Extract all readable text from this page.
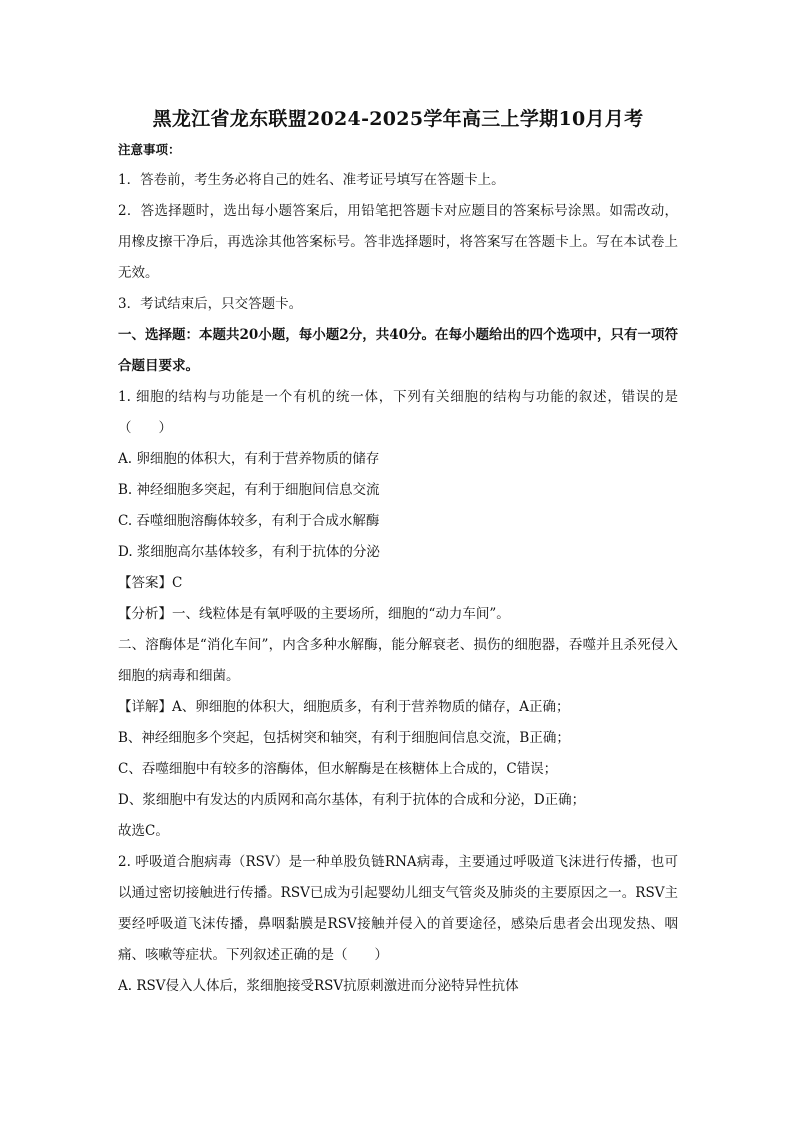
黑龙江省龙东联盟2024-2025学年高三上学期10月月考
注意事项：
1．答卷前，考生务必将自己的姓名、准考证号填写在答题卡上。
2．答选择题时，选出每小题答案后，用铅笔把答题卡对应题目的答案标号涂黑。如需改动，用橡皮擦干净后，再选涂其他答案标号。答非选择题时，将答案写在答题卡上。写在本试卷上无效。
3．考试结束后，只交答题卡。
一、选择题：本题共20小题，每小题2分，共40分。在每小题给出的四个选项中，只有一项符合题目要求。
1. 细胞的结构与功能是一个有机的统一体，下列有关细胞的结构与功能的叙述，错误的是（　　）
A. 卵细胞的体积大，有利于营养物质的储存
B. 神经细胞多突起，有利于细胞间信息交流
C. 吞噬细胞溶酶体较多，有利于合成水解酶
D. 浆细胞高尔基体较多，有利于抗体的分泌
【答案】C
【分析】一、线粒体是有氧呼吸的主要场所，细胞的“动力车间”。
二、溶酶体是“消化车间”，内含多种水解酶，能分解衰老、损伤的细胞器，吞噬并且杀死侵入细胞的病毒和细菌。
【详解】A、卵细胞的体积大，细胞质多，有利于营养物质的储存，A正确；
B、神经细胞多个突起，包括树突和轴突，有利于细胞间信息交流，B正确；
C、吞噬细胞中有较多的溶酶体，但水解酶是在核糖体上合成的，C错误；
D、浆细胞中有发达的内质网和高尔基体，有利于抗体的合成和分泌，D正确；
故选C。
2. 呼吸道合胞病毒（RSV）是一种单股负链RNA病毒，主要通过呼吸道飞沫进行传播，也可以通过密切接触进行传播。RSV已成为引起婴幼儿细支气管炎及肺炎的主要原因之一。RSV主要经呼吸道飞沫传播，鼻咽黏膜是RSV接触并侵入的首要途径，感染后患者会出现发热、咽痛、咳嗽等症状。下列叙述正确的是（　　）
A. RSV侵入人体后，浆细胞接受RSV抗原刺激进而分泌特异性抗体
